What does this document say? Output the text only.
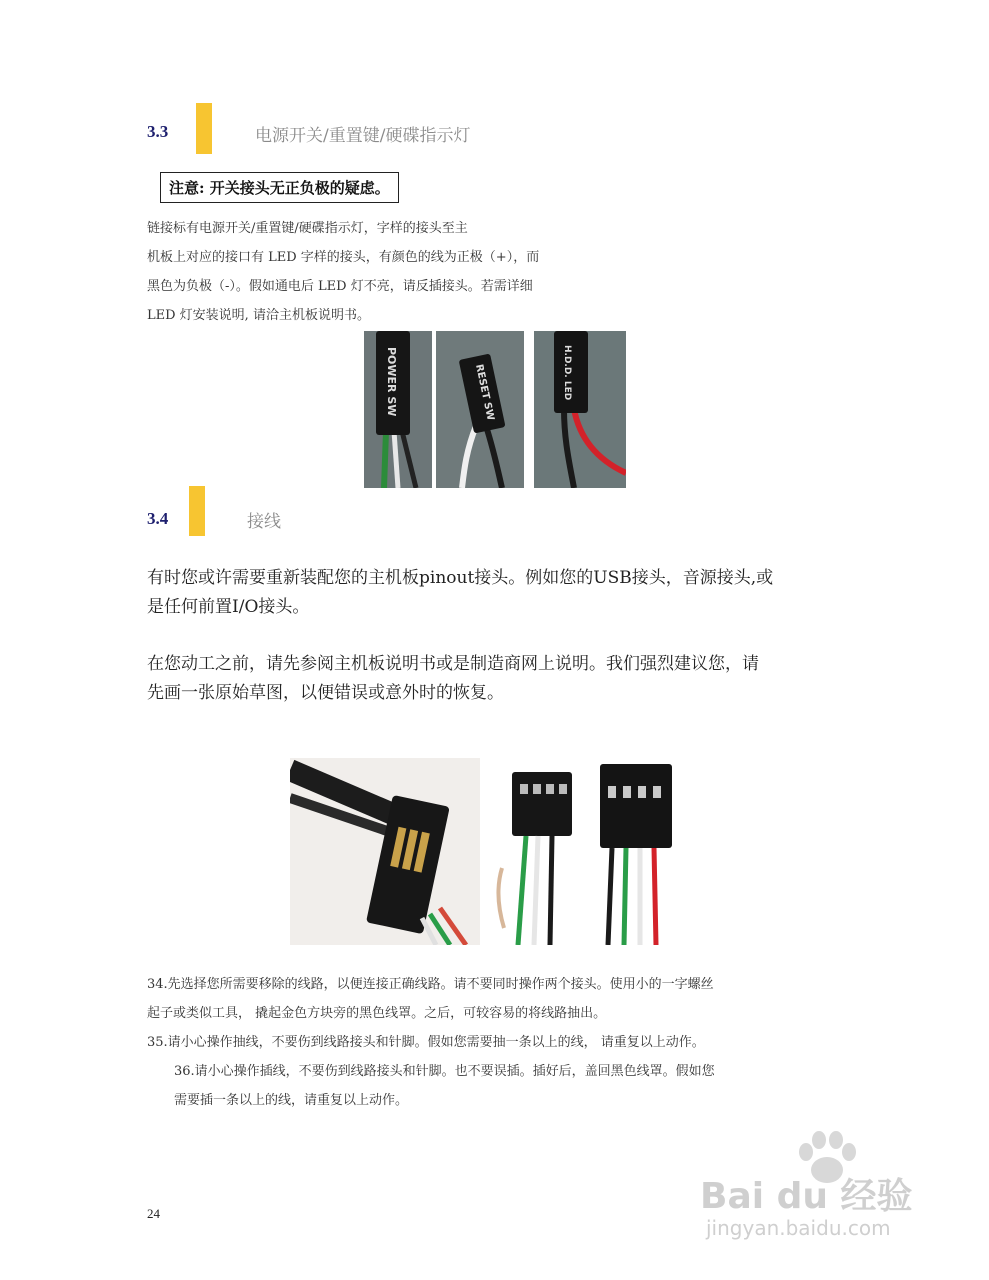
3.3	电源开关/重置键/硬碟指示灯
注意: 开关接头无正负极的疑虑。

链接标有电源开关/重置键/硬碟指示灯，字样的接头至主

机板上对应的接口有 LED 字样的接头，有颜色的线为正极（+），而

黑色为负极（-）。假如通电后 LED 灯不亮，请反插接头。若需详细

LED 灯安装说明, 请洽主机板说明书。

POWER SW	RESET SW	H.D.D. LED
3.4	接线

有时您或许需要重新装配您的主机板pinout接头。例如您的USB接头，音源接头,或

是任何前置I/O接头。

在您动工之前，请先参阅主机板说明书或是制造商网上说明。我们强烈建议您，请

先画一张原始草图，以便错误或意外时的恢复。

34.先选择您所需要移除的线路，以便连接正确线路。请不要同时操作两个接头。使用小的一字螺丝

起子或类似工具， 撬起金色方块旁的黑色线罩。之后，可较容易的将线路抽出。

35.请小心操作抽线，不要伤到线路接头和针脚。假如您需要抽一条以上的线， 请重复以上动作。

36.请小心操作插线，不要伤到线路接头和针脚。也不要误插。插好后，盖回黑色线罩。假如您

需要插一条以上的线，请重复以上动作。

24	Bai du 经验
jingyan.baidu.com
